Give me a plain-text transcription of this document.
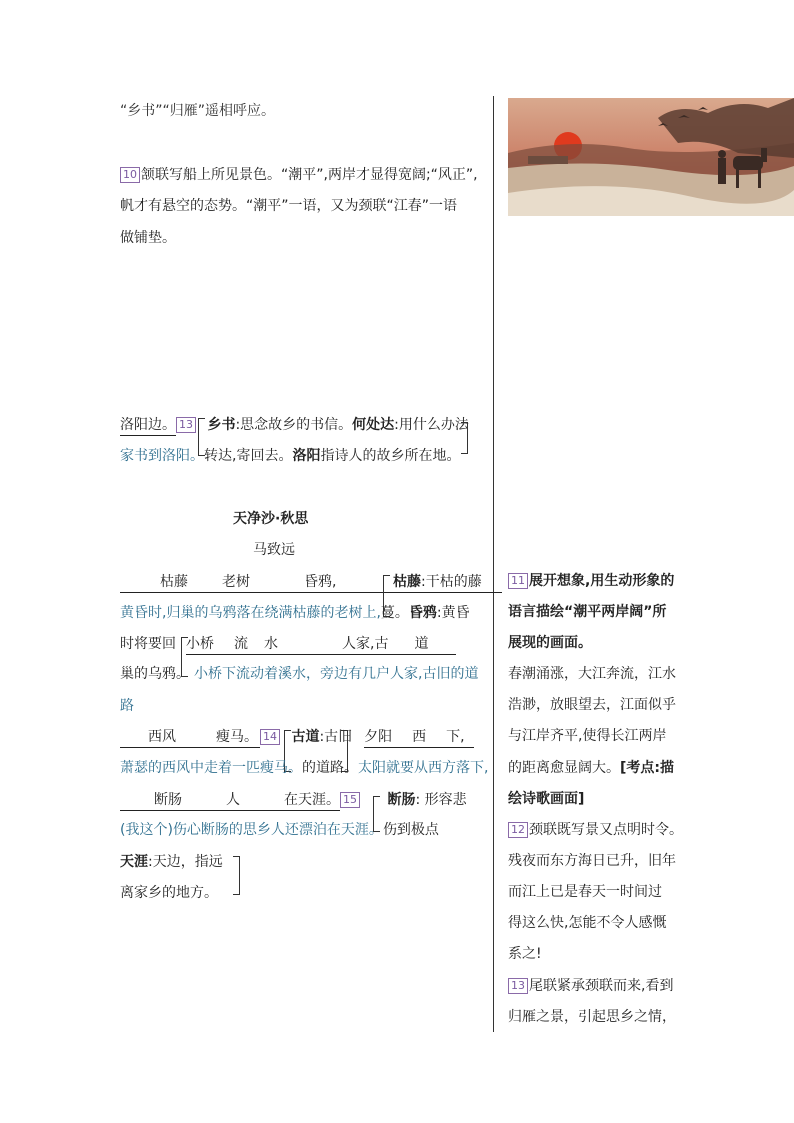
“乡书”“归雁”遥相呼应。
10 颔联写船上所见景色。“潮平”,两岸才显得宽阔;“风正”,
帆才有悬空的态势。“潮平”一语，又为颈联“江春”一语
做铺垫。
洛阳边。 13 乡书:思念故乡的书信。何处达:用什么办法
家书到洛阳。转达,寄回去。洛阳指诗人的故乡所在地。
天净沙·秋思
马致远
枯藤 老树	昏鸦,	枯藤:干枯的藤
黄昏时,归巢的乌鸦落在绕满枯藤的老树上,蔓。昏鸦:黄昏
时将要回 小桥 流 水	人家,古 道
巢的乌鸦。 小桥下流动着溪水，旁边有几户人家,古旧的道
路
西风	瘦马。 14 古道:古旧 夕阳 西 下,
萧瑟的西风中走着一匹瘦马。的道路。太阳就要从西方落下,
断肠	人	在天涯。 15 断肠: 形容悲
(我这个)伤心断肠的思乡人还漂泊在天涯。伤到极点
天涯:天边，指远
离家乡的地方。
11 展开想象,用生动形象的
语言描绘“潮平两岸阔”所
展现的画面。
春潮涌涨，大江奔流，江水
浩渺，放眼望去，江面似乎
与江岸齐平,使得长江两岸
的距离愈显阔大。[考点:描
绘诗歌画面]
12 颈联既写景又点明时令。
残夜而东方海日已升，旧年
而江上已是春天一时间过
得这么快,怎能不令人感慨
系之!
13 尾联紧承颈联而来,看到
归雁之景，引起思乡之情，
